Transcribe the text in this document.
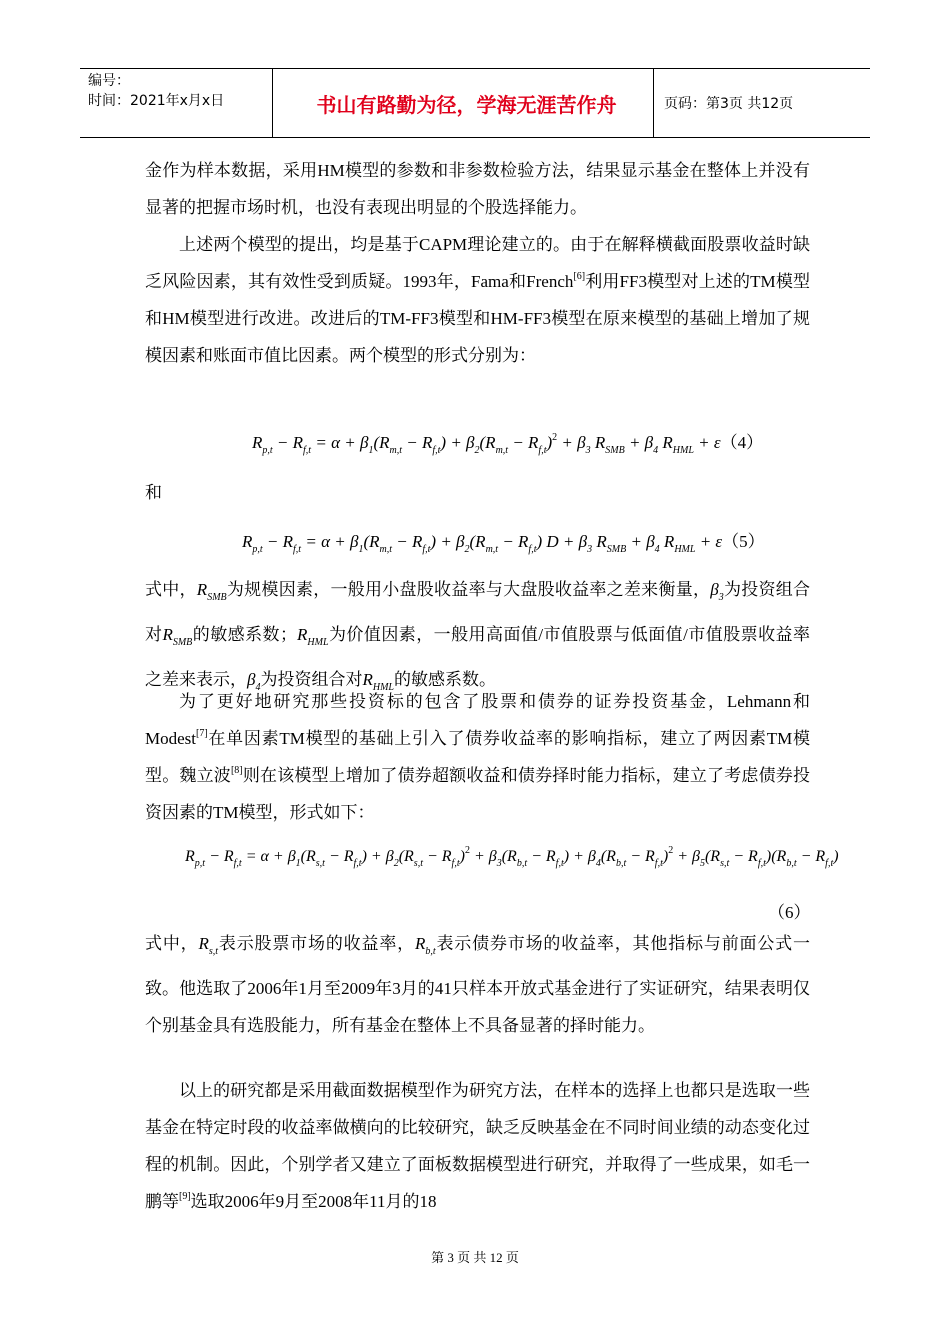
编号：
时间：2021年x月x日	书山有路勤为径，学海无涯苦作舟	页码：第3页 共12页

金作为样本数据，采用HM模型的参数和非参数检验方法，结果显示基金在整体上并没有显著的把握市场时机，也没有表现出明显的个股选择能力。

上述两个模型的提出，均是基于CAPM理论建立的。由于在解释横截面股票收益时缺乏风险因素，其有效性受到质疑。1993年，Fama和French[6]利用FF3模型对上述的TM模型和HM模型进行改进。改进后的TM-FF3模型和HM-FF3模型在原来模型的基础上增加了规模因素和账面市值比因素。两个模型的形式分别为：

$R_{p,t} - R_{f,t} = \alpha + \beta_1(R_{m,t} - R_{f,t}) + \beta_2(R_{m,t} - R_{f,t})^2 + \beta_3$ $R_{SMB} + \beta_4$ $R_{HML} + \varepsilon(4)$

和

$R_{p,t} - R_{f,t} = \alpha + \beta_1(R_{m,t} - R_{f,t}) + \beta_2(R_{m,t} - R_{f,t}) D + \beta_3$ $R_{SMB} + \beta_4$ $R_{HML} + \varepsilon(5)$

式中，$R_{SMB}$为规模因素，一般用小盘股收益率与大盘股收益率之差来衡量，$\beta_3$为投资组合对$R_{SMB}$的敏感系数；$R_{HML}$为价值因素，一般用高面值/市值股票与低面值/市值股票收益率之差来表示，$\beta_4$为投资组合对$R_{HML}$的敏感系数。

为了更好地研究那些投资标的包含了股票和债券的证券投资基金，Lehmann和Modest[7]在单因素TM模型的基础上引入了债券收益率的影响指标，建立了两因素TM模型。魏立波[8]则在该模型上增加了债券超额收益和债券择时能力指标，建立了考虑债券投资因素的TM模型，形式如下：

$R_{p,t} - R_{f,t} = \alpha + \beta_1(R_{s,t} - R_{f,t}) + \beta_2(R_{s,t} - R_{f,t})^2 + \beta_3(R_{b,t} - R_{f,t}) + \beta_4(R_{b,t} - R_{f,t})^2 + \beta_5(R_{s,t} - R_{f,t})(R_{b,t} - R_{f,t})$
（6）

式中，$R_{s,t}$表示股票市场的收益率，$R_{b,t}$表示债券市场的收益率，其他指标与前面公式一致。他选取了2006年1月至2009年3月的41只样本开放式基金进行了实证研究，结果表明仅个别基金具有选股能力，所有基金在整体上不具备显著的择时能力。

以上的研究都是采用截面数据模型作为研究方法，在样本的选择上也都只是选取一些基金在特定时段的收益率做横向的比较研究，缺乏反映基金在不同时间业绩的动态变化过程的机制。因此，个别学者又建立了面板数据模型进行研究，并取得了一些成果，如毛一鹏等[9]选取2006年9月至2008年11月的18

第 3 页 共 12 页
